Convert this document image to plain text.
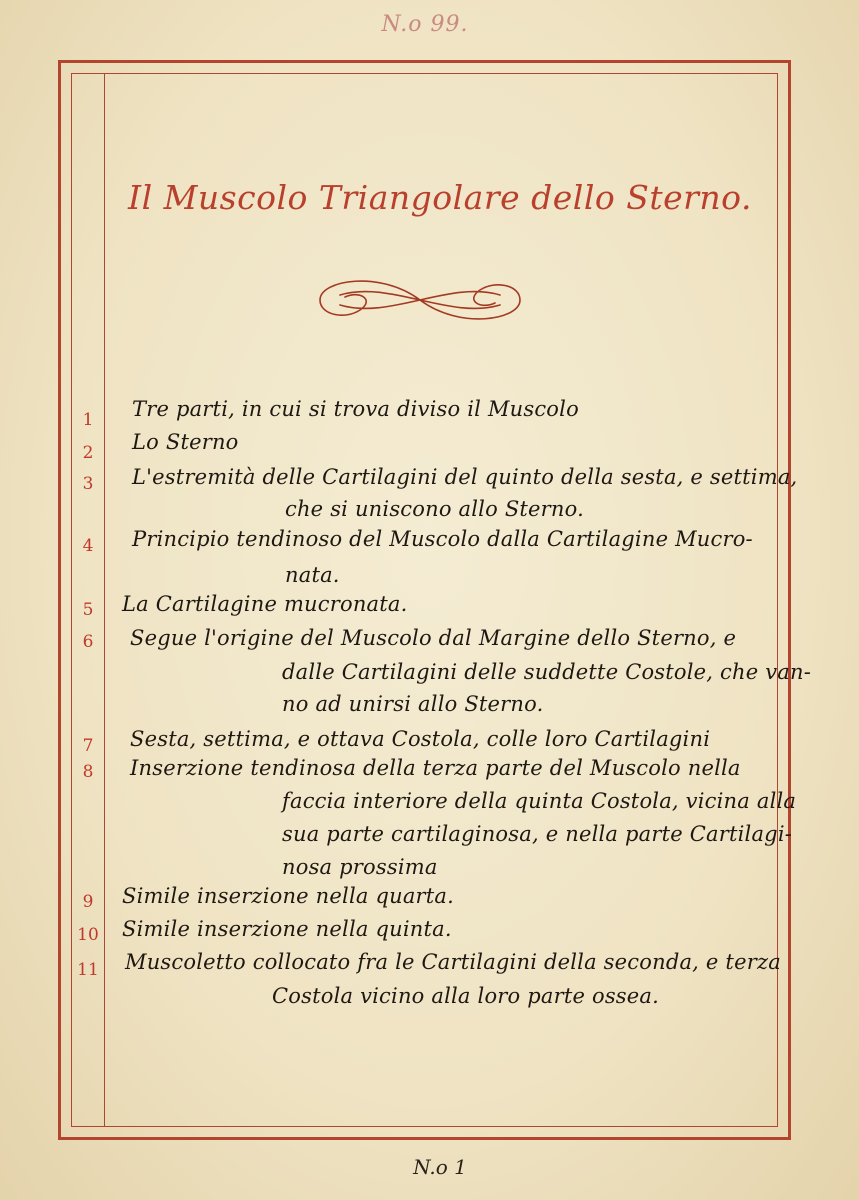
N.o 99.
Il Muscolo Triangolare dello Sterno.
1	Tre parti, in cui si trova diviso il Muscolo
2	Lo Sterno
3	L'estremità delle Cartilagini del quinto della sesta, e settima,
che si uniscono allo Sterno.
4	Principio tendinoso del Muscolo dalla Cartilagine Mucro-
nata.
5	La Cartilagine mucronata.
6	Segue l'origine del Muscolo dal Margine dello Sterno, e
dalle Cartilagini delle suddette Costole, che van-
no ad unirsi allo Sterno.
7	Sesta, settima, e ottava Costola, colle loro Cartilagini
8	Inserzione tendinosa della terza parte del Muscolo nella
faccia interiore della quinta Costola, vicina alla
sua parte cartilaginosa, e nella parte Cartilagi-
nosa prossima
9	Simile inserzione nella quarta.
10 Simile inserzione nella quinta.
11 Muscoletto collocato fra le Cartilagini della seconda, e terza
Costola vicino alla loro parte ossea.
N.o 1
